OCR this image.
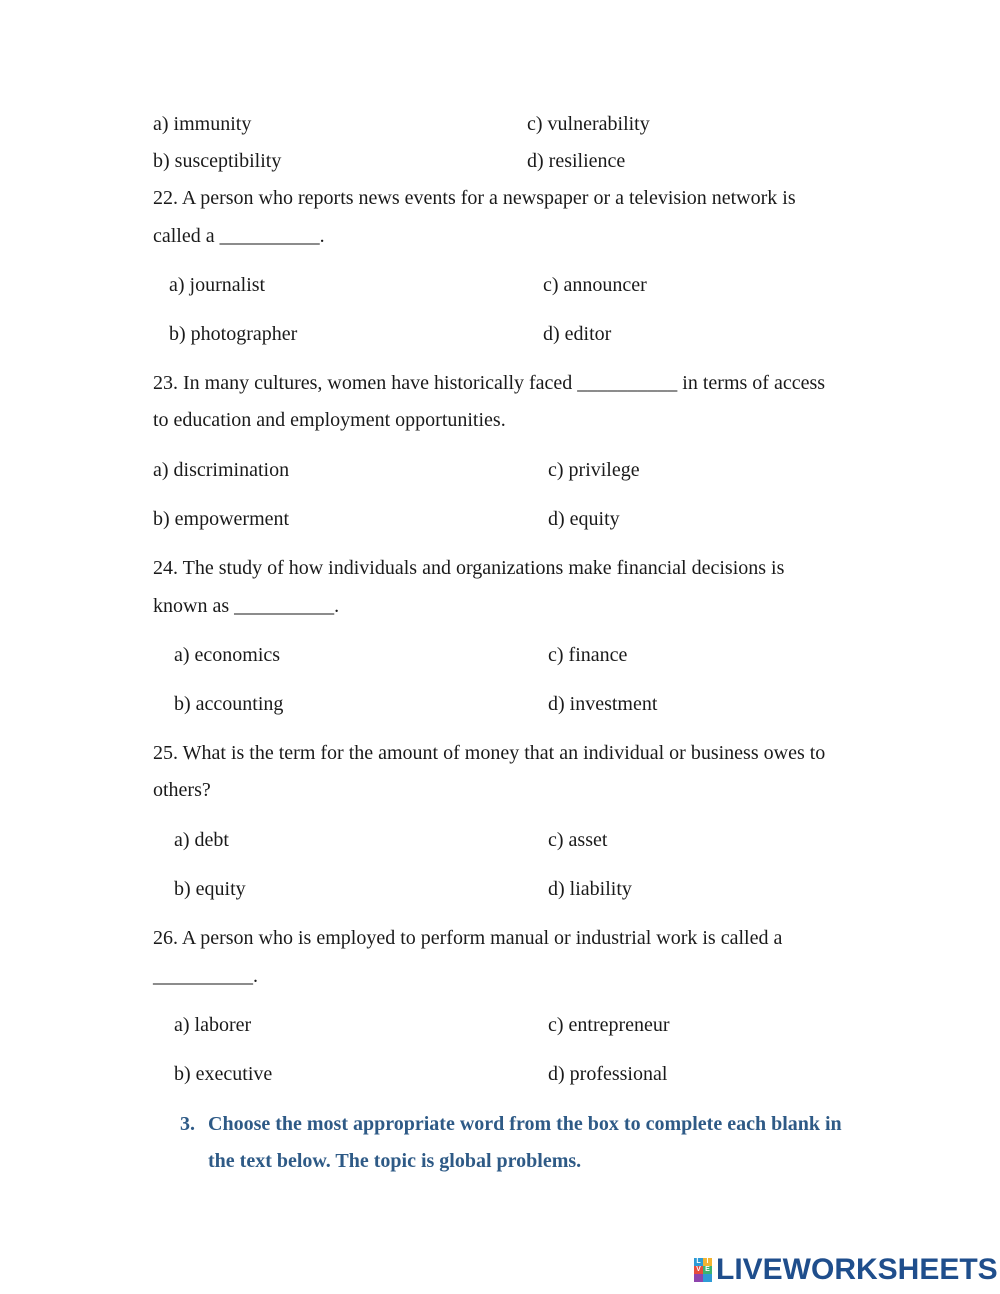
a) immunity	c) vulnerability
b) susceptibility	d) resilience
22. A person who reports news events for a newspaper or a television network is
called a __________.
a) journalist	c) announcer
b) photographer	d) editor
23. In many cultures, women have historically faced __________ in terms of access
to education and employment opportunities.
a) discrimination	c) privilege
b) empowerment	d) equity
24. The study of how individuals and organizations make financial decisions is
known as __________.
a) economics	c) finance
b) accounting	d) investment
25. What is the term for the amount of money that an individual or business owes to
others?
a) debt	c) asset
b) equity	d) liability
26. A person who is employed to perform manual or industrial work is called a
__________.
a) laborer	c) entrepreneur
b) executive	d) professional
3. Choose the most appropriate word from the box to complete each blank in
the text below. The topic is global problems.
L I
V E LIVEWORKSHEETS
